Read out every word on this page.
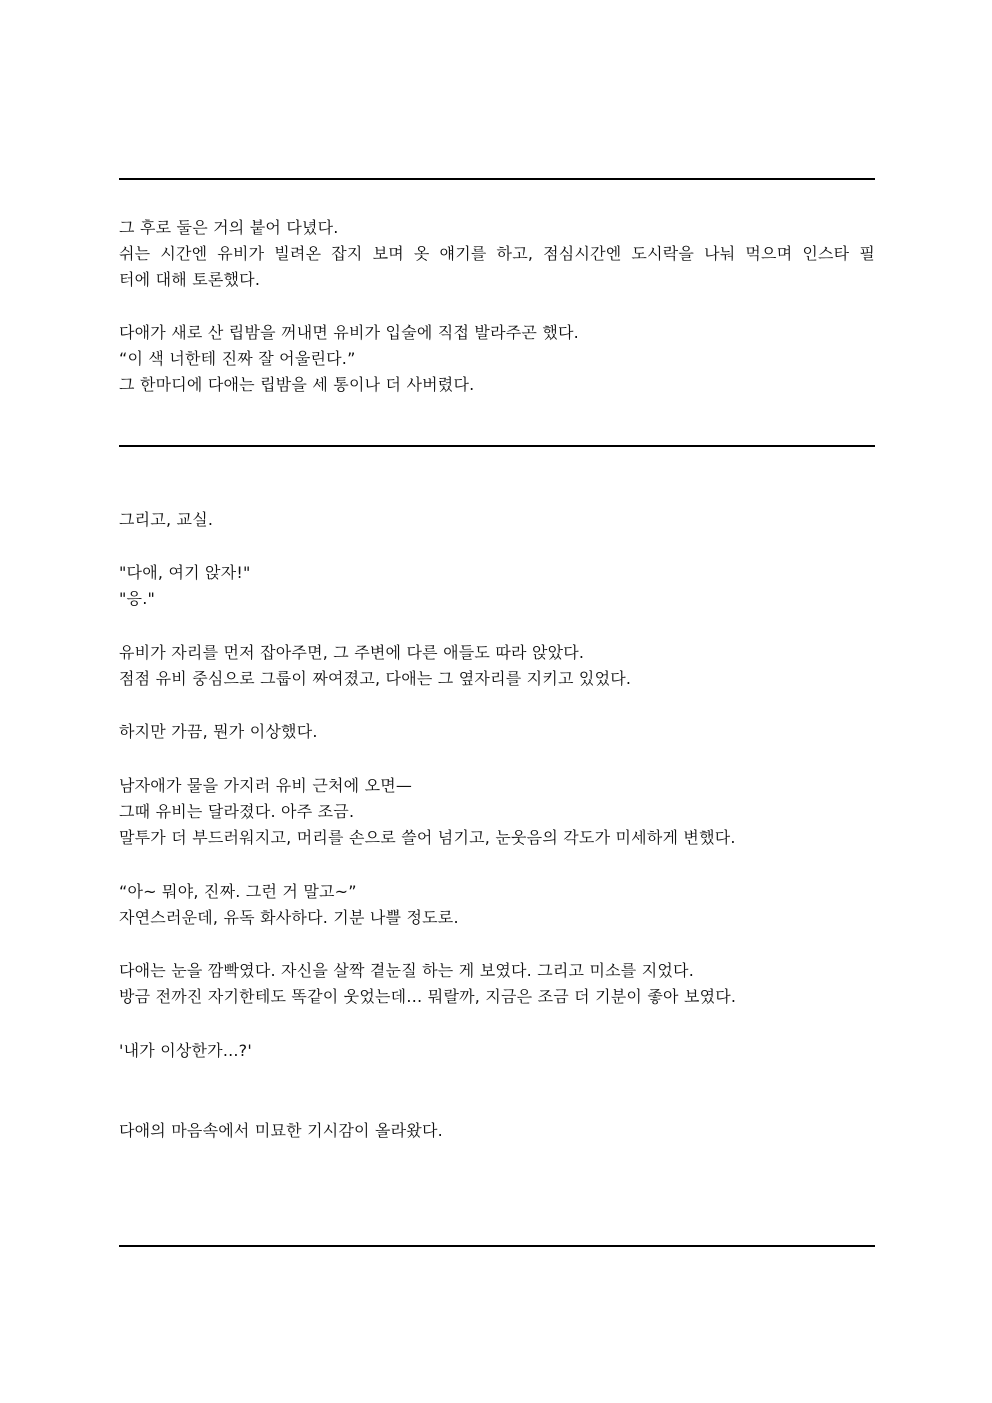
그 후로 둘은 거의 붙어 다녔다.
쉬는 시간엔 유비가 빌려온 잡지 보며 옷 얘기를 하고, 점심시간엔 도시락을 나눠 먹으며 인스타 필
터에 대해 토론했다.
다애가 새로 산 립밤을 꺼내면 유비가 입술에 직접 발라주곤 했다.
“이 색 너한테 진짜 잘 어울린다.”
그 한마디에 다애는 립밤을 세 통이나 더 사버렸다.
그리고, 교실.
"다애, 여기 앉자!"
"응."
유비가 자리를 먼저 잡아주면, 그 주변에 다른 애들도 따라 앉았다.
점점 유비 중심으로 그룹이 짜여졌고, 다애는 그 옆자리를 지키고 있었다.
하지만 가끔, 뭔가 이상했다.
남자애가 물을 가지러 유비 근처에 오면—
그때 유비는 달라졌다. 아주 조금.
말투가 더 부드러워지고, 머리를 손으로 쓸어 넘기고, 눈웃음의 각도가 미세하게 변했다.
“아~ 뭐야, 진짜. 그런 거 말고~”
자연스러운데, 유독 화사하다. 기분 나쁠 정도로.
다애는 눈을 깜빡였다. 자신을 살짝 곁눈질 하는 게 보였다. 그리고 미소를 지었다.
방금 전까진 자기한테도 똑같이 웃었는데… 뭐랄까, 지금은 조금 더 기분이 좋아 보였다.
'내가 이상한가...?'
다애의 마음속에서 미묘한 기시감이 올라왔다.
